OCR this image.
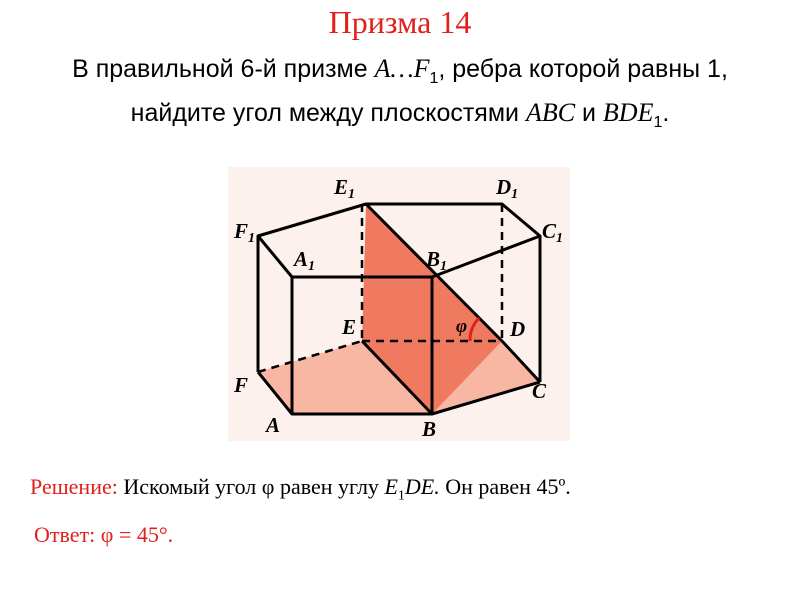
Призма 14
В правильной 6-й призме $A\dots F_1$, ребра которой равны 1, найдите угол между плоскостями ABC и $BDE_1$.
E1	D1
F1	C1
A1	B1
E	D
F	C
A	B
φ
Решение: Искомый угол φ равен углу $E_1DE$. Он равен 45º.
Ответ: φ = 45°.
